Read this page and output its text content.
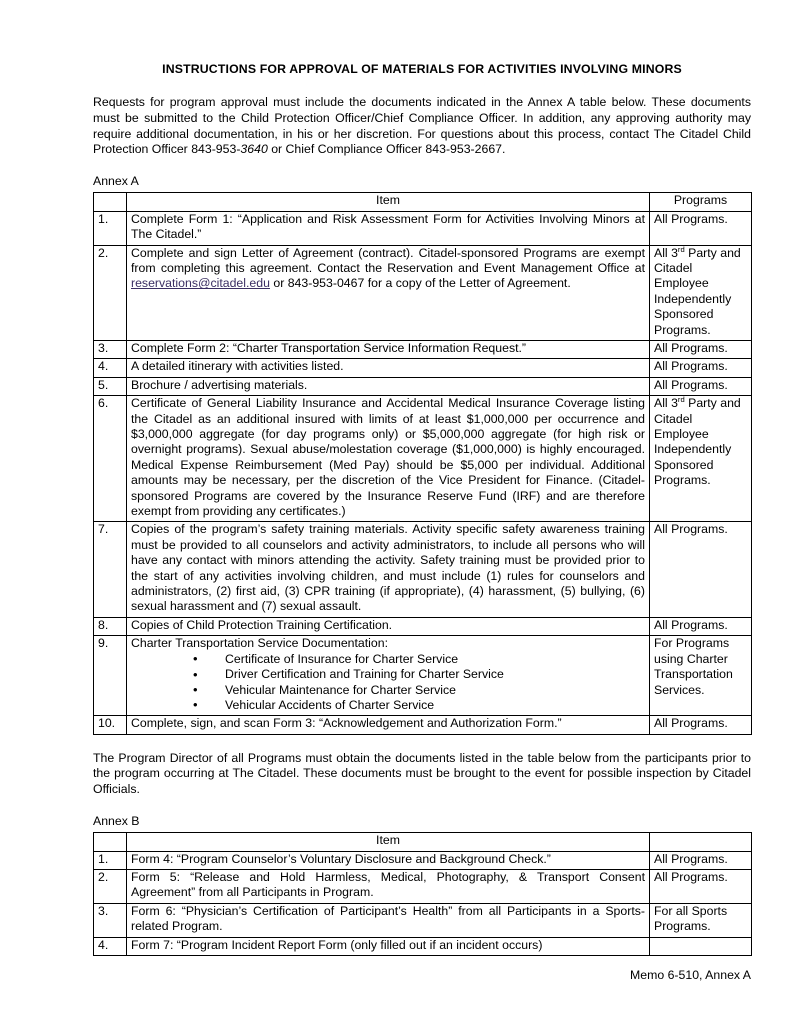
INSTRUCTIONS FOR APPROVAL OF MATERIALS FOR ACTIVITIES INVOLVING MINORS

Requests for program approval must include the documents indicated in the Annex A table below. These documents must be submitted to the Child Protection Officer/Chief Compliance Officer. In addition, any approving authority may require additional documentation, in his or her discretion. For questions about this process, contact The Citadel Child Protection Officer 843-953-3640 or Chief Compliance Officer 843-953-2667.

Annex A
	Item	Programs
1.	Complete Form 1: “Application and Risk Assessment Form for Activities Involving Minors at The Citadel.”	All Programs.
2.	Complete and sign Letter of Agreement (contract). Citadel-sponsored Programs are exempt from completing this agreement. Contact the Reservation and Event Management Office at reservations@citadel.edu or 843-953-0467 for a copy of the Letter of Agreement.	All 3rd Party and Citadel Employee Independently Sponsored Programs.
3.	Complete Form 2: “Charter Transportation Service Information Request.”	All Programs.
4.	A detailed itinerary with activities listed.	All Programs.
5.	Brochure / advertising materials.	All Programs.
6.	Certificate of General Liability Insurance and Accidental Medical Insurance Coverage listing the Citadel as an additional insured with limits of at least $1,000,000 per occurrence and $3,000,000 aggregate (for day programs only) or $5,000,000 aggregate (for high risk or overnight programs). Sexual abuse/molestation coverage ($1,000,000) is highly encouraged. Medical Expense Reimbursement (Med Pay) should be $5,000 per individual. Additional amounts may be necessary, per the discretion of the Vice President for Finance. (Citadel-sponsored Programs are covered by the Insurance Reserve Fund (IRF) and are therefore exempt from providing any certificates.)	All 3rd Party and Citadel Employee Independently Sponsored Programs.
7.	Copies of the program’s safety training materials. Activity specific safety awareness training must be provided to all counselors and activity administrators, to include all persons who will have any contact with minors attending the activity. Safety training must be provided prior to the start of any activities involving children, and must include (1) rules for counselors and administrators, (2) first aid, (3) CPR training (if appropriate), (4) harassment, (5) bullying, (6) sexual harassment and (7) sexual assault.	All Programs.
8.	Copies of Child Protection Training Certification.	All Programs.
9.	Charter Transportation Service Documentation:
• Certificate of Insurance for Charter Service
• Driver Certification and Training for Charter Service
• Vehicular Maintenance for Charter Service
• Vehicular Accidents of Charter Service
	For Programs using Charter Transportation Services.
10.	Complete, sign, and scan Form 3: “Acknowledgement and Authorization Form.”	All Programs.

The Program Director of all Programs must obtain the documents listed in the table below from the participants prior to the program occurring at The Citadel. These documents must be brought to the event for possible inspection by Citadel Officials.

Annex B
	Item	
1.	Form 4: “Program Counselor’s Voluntary Disclosure and Background Check.”	All Programs.
2.	Form 5: “Release and Hold Harmless, Medical, Photography, & Transport Consent Agreement” from all Participants in Program.	All Programs.
3.	Form 6: “Physician’s Certification of Participant’s Health” from all Participants in a Sports-related Program.	For all Sports Programs.
4.	Form 7: “Program Incident Report Form (only filled out if an incident occurs)	
Memo 6-510, Annex A
